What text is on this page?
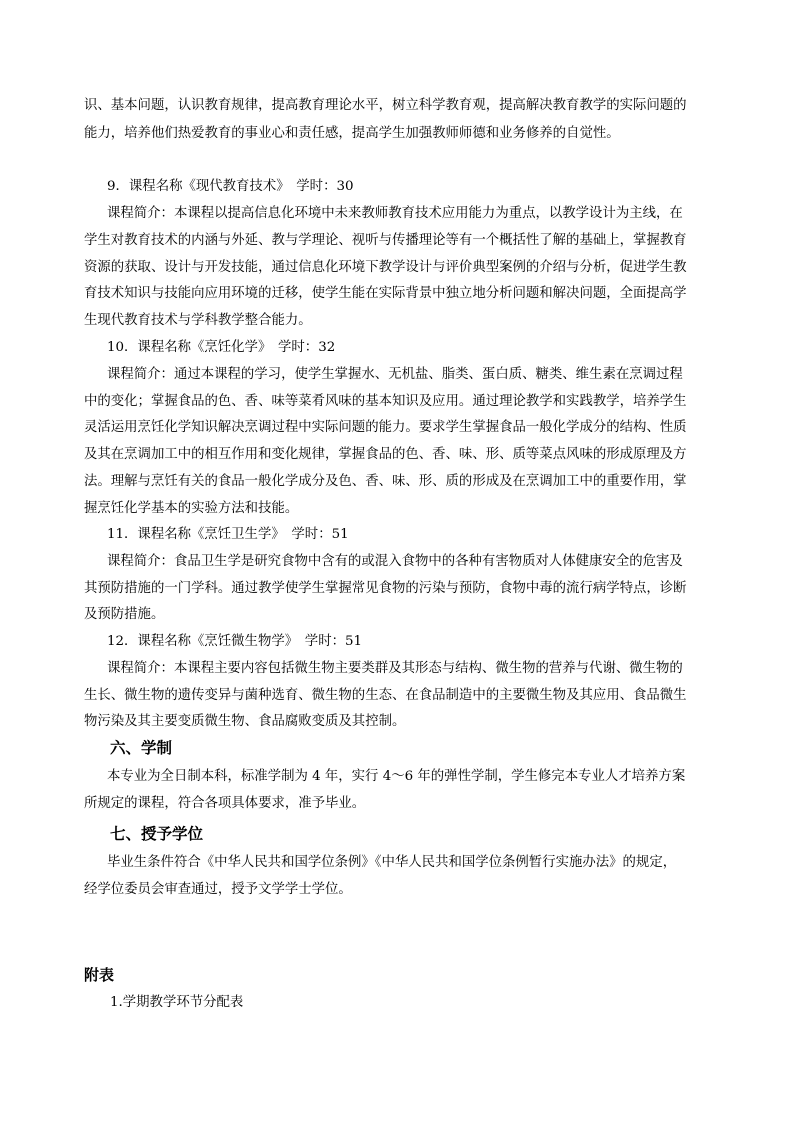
识、基本问题，认识教育规律，提高教育理论水平，树立科学教育观，提高解决教育教学的实际问题的
能力，培养他们热爱教育的事业心和责任感，提高学生加强教师师德和业务修养的自觉性。
9．课程名称《现代教育技术》　学时：30
课程简介：本课程以提高信息化环境中未来教师教育技术应用能力为重点，以教学设计为主线，在
学生对教育技术的内涵与外延、教与学理论、视听与传播理论等有一个概括性了解的基础上，掌握教育
资源的获取、设计与开发技能，通过信息化环境下教学设计与评价典型案例的介绍与分析，促进学生教
育技术知识与技能向应用环境的迁移，使学生能在实际背景中独立地分析问题和解决问题，全面提高学
生现代教育技术与学科教学整合能力。
10．课程名称《烹饪化学》　学时：32
课程简介：通过本课程的学习，使学生掌握水、无机盐、脂类、蛋白质、糖类、维生素在烹调过程
中的变化；掌握食品的色、香、味等菜肴风味的基本知识及应用。通过理论教学和实践教学，培养学生
灵活运用烹饪化学知识解决烹调过程中实际问题的能力。要求学生掌握食品一般化学成分的结构、性质
及其在烹调加工中的相互作用和变化规律，掌握食品的色、香、味、形、质等菜点风味的形成原理及方
法。理解与烹饪有关的食品一般化学成分及色、香、味、形、质的形成及在烹调加工中的重要作用，掌
握烹饪化学基本的实验方法和技能。
11．课程名称《烹饪卫生学》　学时：51
课程简介：食品卫生学是研究食物中含有的或混入食物中的各种有害物质对人体健康安全的危害及
其预防措施的一门学科。通过教学使学生掌握常见食物的污染与预防，食物中毒的流行病学特点，诊断
及预防措施。
12．课程名称《烹饪微生物学》　学时：51
课程简介：本课程主要内容包括微生物主要类群及其形态与结构、微生物的营养与代谢、微生物的
生长、微生物的遗传变异与菌种选育、微生物的生态、在食品制造中的主要微生物及其应用、食品微生
物污染及其主要变质微生物、食品腐败变质及其控制。
六、学制
本专业为全日制本科，标准学制为 4 年，实行 4～6 年的弹性学制，学生修完本专业人才培养方案
所规定的课程，符合各项具体要求，准予毕业。
七、授予学位
毕业生条件符合《中华人民共和国学位条例》《中华人民共和国学位条例暂行实施办法》的规定，
经学位委员会审查通过，授予文学学士学位。
附表
1.学期教学环节分配表
